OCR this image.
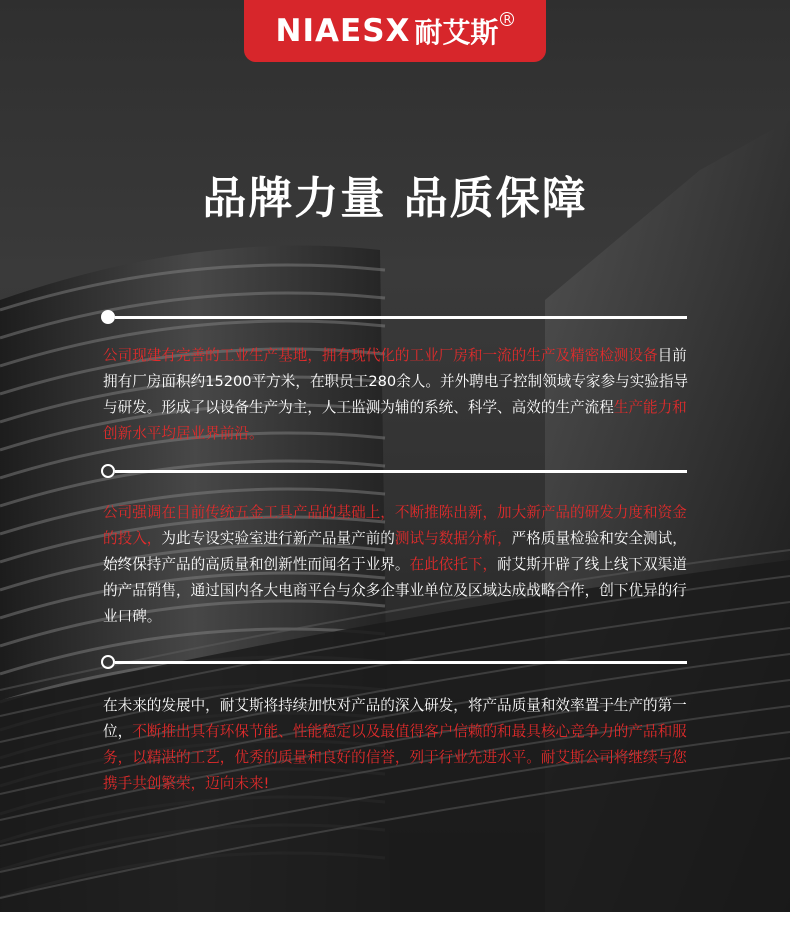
NIAESX 耐艾斯 R
品牌力量 品质保障
公司现建有完善的工业生产基地，拥有现代化的工业厂房和一流的生产及精密检测设备目前拥有厂房面积约15200平方米，在职员工280余人。并外聘电子控制领域专家参与实验指导与研发。形成了以设备生产为主，人工监测为辅的系统、科学、高效的生产流程生产能力和创新水平均居业界前沿。
公司强调在目前传统五金工具产品的基础上，不断推陈出新，加大新产品的研发力度和资金的投入，为此专设实验室进行新产品量产前的测试与数据分析，严格质量检验和安全测试，始终保持产品的高质量和创新性而闻名于业界。在此依托下，耐艾斯开辟了线上线下双渠道的产品销售，通过国内各大电商平台与众多企事业单位及区域达成战略合作，创下优异的行业口碑。
在未来的发展中，耐艾斯将持续加快对产品的深入研发，将产品质量和效率置于生产的第一位，不断推出具有环保节能、性能稳定以及最值得客户信赖的和最具核心竞争力的产品和服务，以精湛的工艺，优秀的质量和良好的信誉，列于行业先进水平。耐艾斯公司将继续与您携手共创繁荣，迈向未来!
